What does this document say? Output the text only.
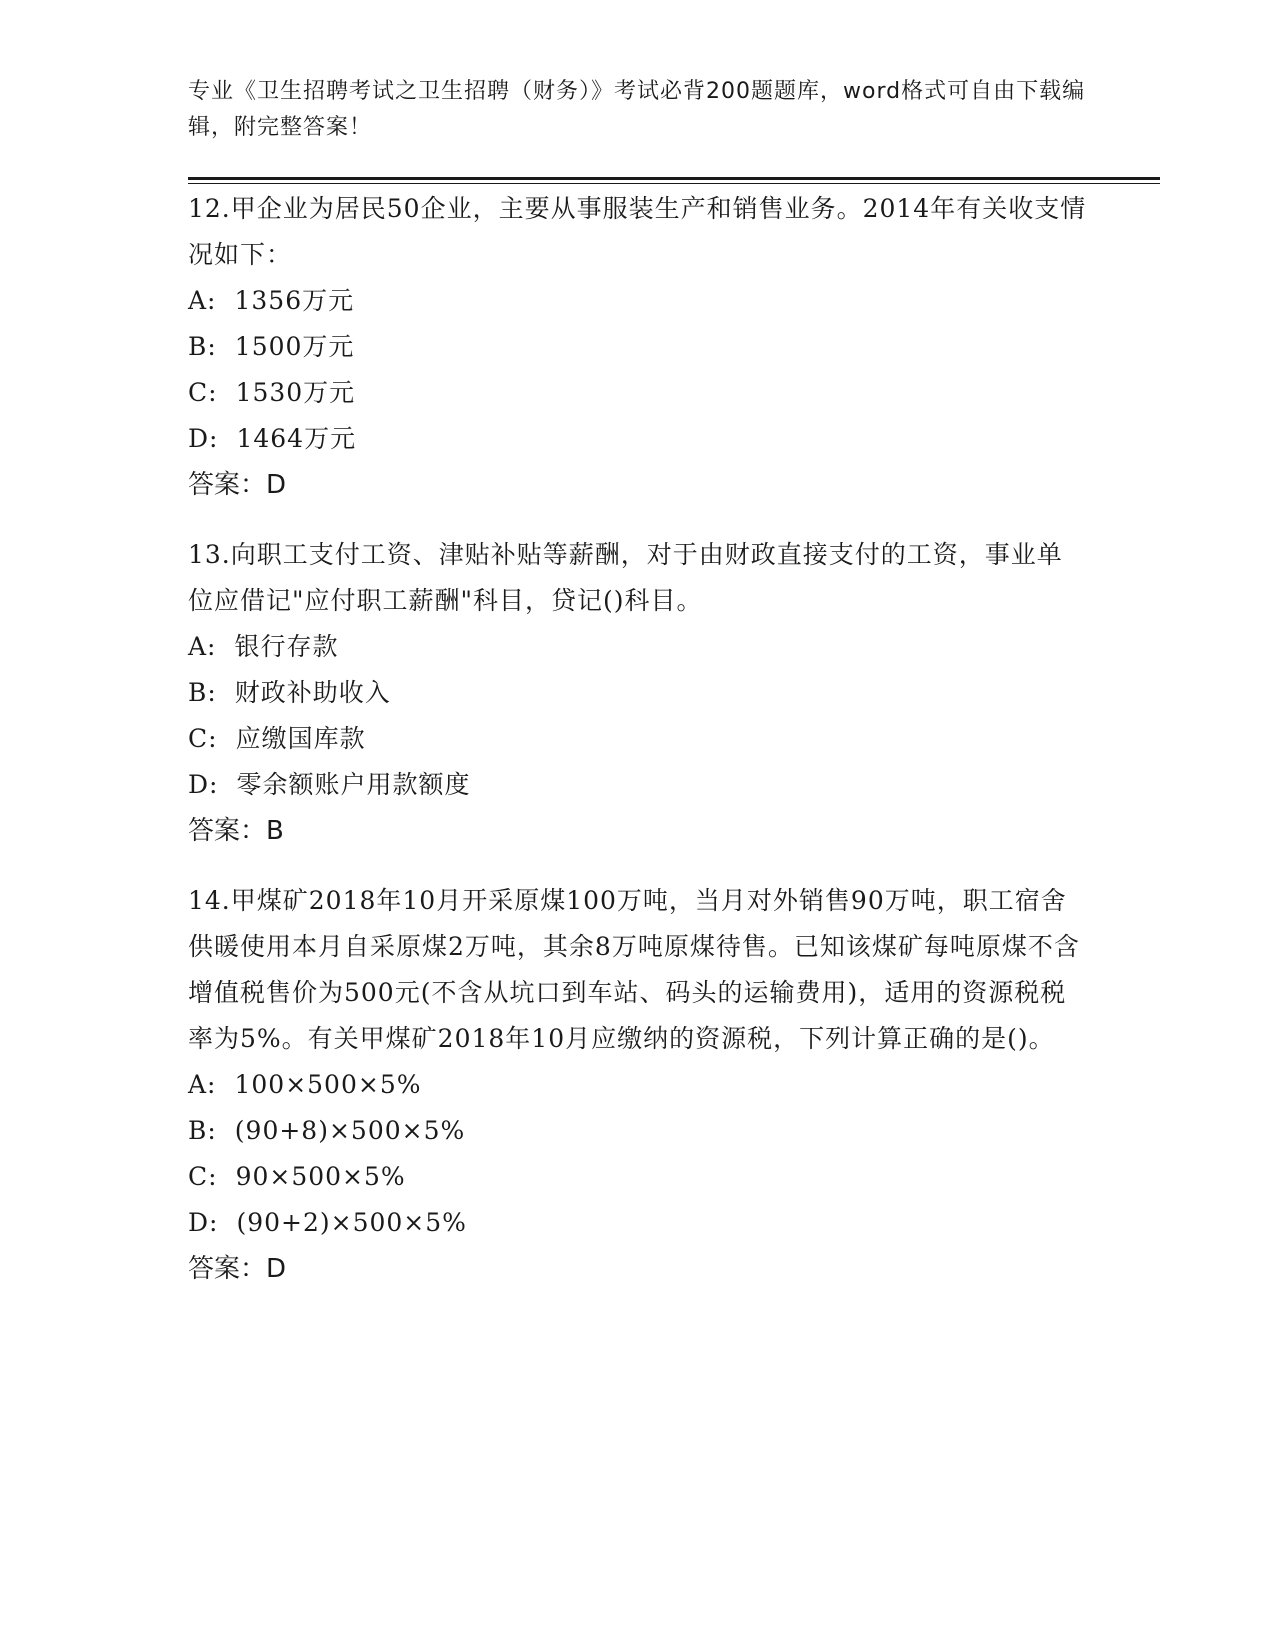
专业《卫生招聘考试之卫生招聘（财务）》考试必背200题题库，word格式可自由下载编辑，附完整答案！

12.甲企业为居民50企业，主要从事服装生产和销售业务。2014年有关收支情况如下：

A: 1356万元

B: 1500万元

C: 1530万元

D: 1464万元

答案：D

13.向职工支付工资、津贴补贴等薪酬，对于由财政直接支付的工资，事业单位应借记"应付职工薪酬"科目，贷记()科目。

A: 银行存款

B: 财政补助收入

C: 应缴国库款

D: 零余额账户用款额度

答案：B

14.甲煤矿2018年10月开采原煤100万吨，当月对外销售90万吨，职工宿舍供暖使用本月自采原煤2万吨，其余8万吨原煤待售。已知该煤矿每吨原煤不含增值税售价为500元(不含从坑口到车站、码头的运输费用)，适用的资源税税率为5%。有关甲煤矿2018年10月应缴纳的资源税，下列计算正确的是()。

A: 100×500×5%

B: (90+8)×500×5%

C: 90×500×5%

D: (90+2)×500×5%

答案：D
